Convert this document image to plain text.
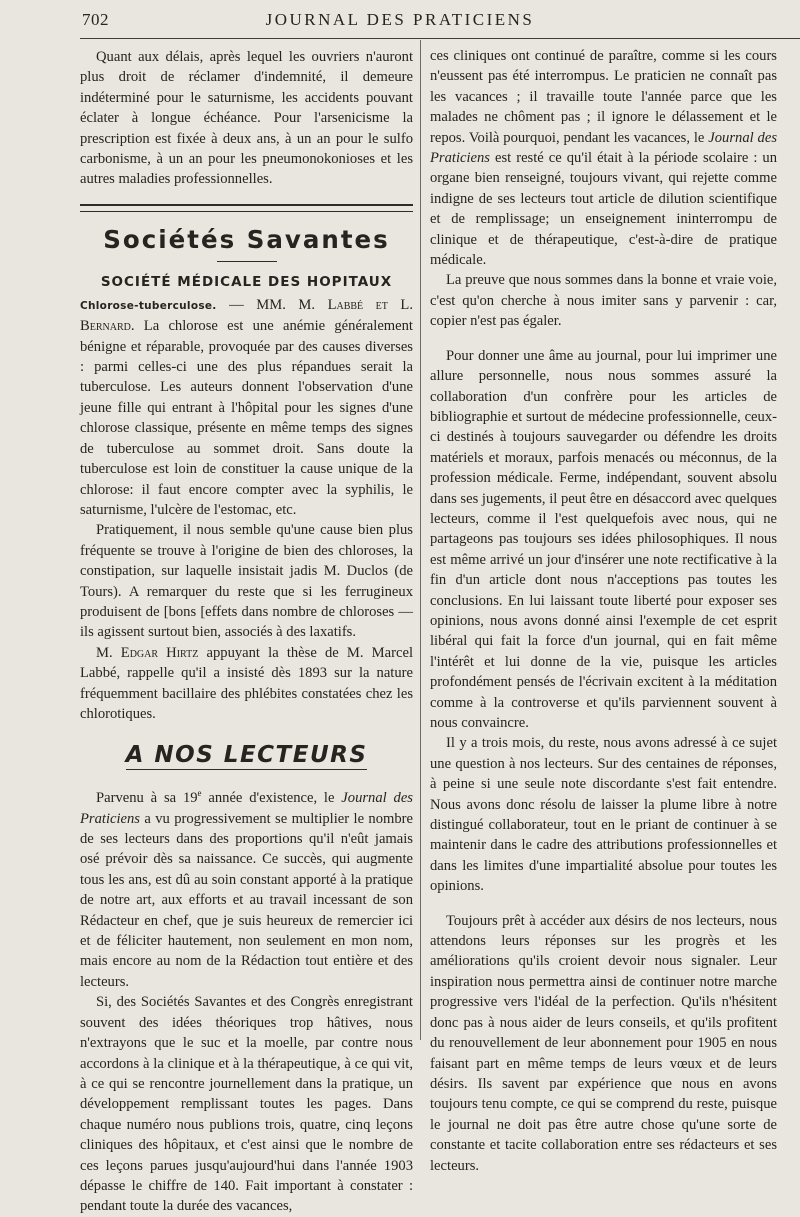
702	JOURNAL DES PRATICIENS

Quant aux délais, après lequel les ouvriers n'auront plus droit de réclamer d'indemnité, il demeure indéterminé pour le saturnisme, les accidents pouvant éclater à longue échéance. Pour l'arsenicisme la prescription est fixée à deux ans, à un an pour le sulfo carbonisme, à un an pour les pneumonokonioses et les autres maladies professionnelles.

Sociétés Savantes
SOCIÉTÉ MÉDICALE DES HOPITAUX

Chlorose-tuberculose. — MM. M. Labbé et L. Bernard. La chlorose est une anémie généralement bénigne et réparable, provoquée par des causes diverses : parmi celles-ci une des plus répandues serait la tuberculose. Les auteurs donnent l'observation d'une jeune fille qui entrant à l'hôpital pour les signes d'une chlorose classique, présente en même temps des signes de tuberculose au sommet droit. Sans doute la tuberculose est loin de constituer la cause unique de la chlorose: il faut encore compter avec la syphilis, le saturnisme, l'ulcère de l'estomac, etc.

Pratiquement, il nous semble qu'une cause bien plus fréquente se trouve à l'origine de bien des chloroses, la constipation, sur laquelle insistait jadis M. Duclos (de Tours). A remarquer du reste que si les ferrugineux produisent de [bons [effets dans nombre de chloroses — ils agissent surtout bien, associés à des laxatifs.

M. Edgar Hirtz appuyant la thèse de M. Marcel Labbé, rappelle qu'il a insisté dès 1893 sur la nature fréquemment bacillaire des phlébites constatées chez les chlorotiques.

A NOS LECTEURS

Parvenu à sa 19e année d'existence, le Journal des Praticiens a vu progressivement se multiplier le nombre de ses lecteurs dans des proportions qu'il n'eût jamais osé prévoir dès sa naissance. Ce succès, qui augmente tous les ans, est dû au soin constant apporté à la pratique de notre art, aux efforts et au travail incessant de son Rédacteur en chef, que je suis heureux de remercier ici et de féliciter hautement, non seulement en mon nom, mais encore au nom de la Rédaction tout entière et des lecteurs.

Si, des Sociétés Savantes et des Congrès enregistrant souvent des idées théoriques trop hâtives, nous n'extrayons que le suc et la moelle, par contre nous accordons à la clinique et à la thérapeutique, à ce qui vit, à ce qui se rencontre journellement dans la pratique, un développement remplissant toutes les pages. Dans chaque numéro nous publions trois, quatre, cinq leçons cliniques des hôpitaux, et c'est ainsi que le nombre de ces leçons parues jusqu'aujourd'hui dans l'année 1903 dépasse le chiffre de 140. Fait important à constater : pendant toute la durée des vacances,

ces cliniques ont continué de paraître, comme si les cours n'eussent pas été interrompus. Le praticien ne connaît pas les vacances ; il travaille toute l'année parce que les malades ne chôment pas ; il ignore le délassement et le repos. Voilà pourquoi, pendant les vacances, le Journal des Praticiens est resté ce qu'il était à la période scolaire : un organe bien renseigné, toujours vivant, qui rejette comme indigne de ses lecteurs tout article de dilution scientifique et de remplissage; un enseignement ininterrompu de clinique et de thérapeutique, c'est-à-dire de pratique médicale.

La preuve que nous sommes dans la bonne et vraie voie, c'est qu'on cherche à nous imiter sans y parvenir : car, copier n'est pas égaler.

Pour donner une âme au journal, pour lui imprimer une allure personnelle, nous nous sommes assuré la collaboration d'un confrère pour les articles de bibliographie et surtout de médecine professionnelle, ceux-ci destinés à toujours sauvegarder ou défendre les droits matériels et moraux, parfois menacés ou méconnus, de la profession médicale. Ferme, indépendant, souvent absolu dans ses jugements, il peut être en désaccord avec quelques lecteurs, comme il l'est quelquefois avec nous, qui ne partageons pas toujours ses idées philosophiques. Il nous est même arrivé un jour d'insérer une note rectificative à la fin d'un article dont nous n'acceptions pas toutes les conclusions. En lui laissant toute liberté pour exposer ses opinions, nous avons donné ainsi l'exemple de cet esprit libéral qui fait la force d'un journal, qui en fait même l'intérêt et lui donne de la vie, puisque les articles profondément pensés de l'écrivain excitent à la méditation comme à la controverse et qu'ils parviennent souvent à nous convaincre.

Il y a trois mois, du reste, nous avons adressé à ce sujet une question à nos lecteurs. Sur des centaines de réponses, à peine si une seule note discordante s'est fait entendre. Nous avons donc résolu de laisser la plume libre à notre distingué collaborateur, tout en le priant de continuer à se maintenir dans le cadre des attributions professionnelles et dans les limites d'une impartialité absolue pour toutes les opinions.

Toujours prêt à accéder aux désirs de nos lecteurs, nous attendons leurs réponses sur les progrès et les améliorations qu'ils croient devoir nous signaler. Leur inspiration nous permettra ainsi de continuer notre marche progressive vers l'idéal de la perfection. Qu'ils n'hésitent donc pas à nous aider de leurs conseils, et qu'ils profitent du renouvellement de leur abonnement pour 1905 en nous faisant part en même temps de leurs vœux et de leurs désirs. Ils savent par expérience que nous en avons toujours tenu compte, ce qui se comprend du reste, puisque le journal ne doit pas être autre chose qu'une sorte de constante et tacite collaboration entre ses rédacteurs et ses lecteurs.
